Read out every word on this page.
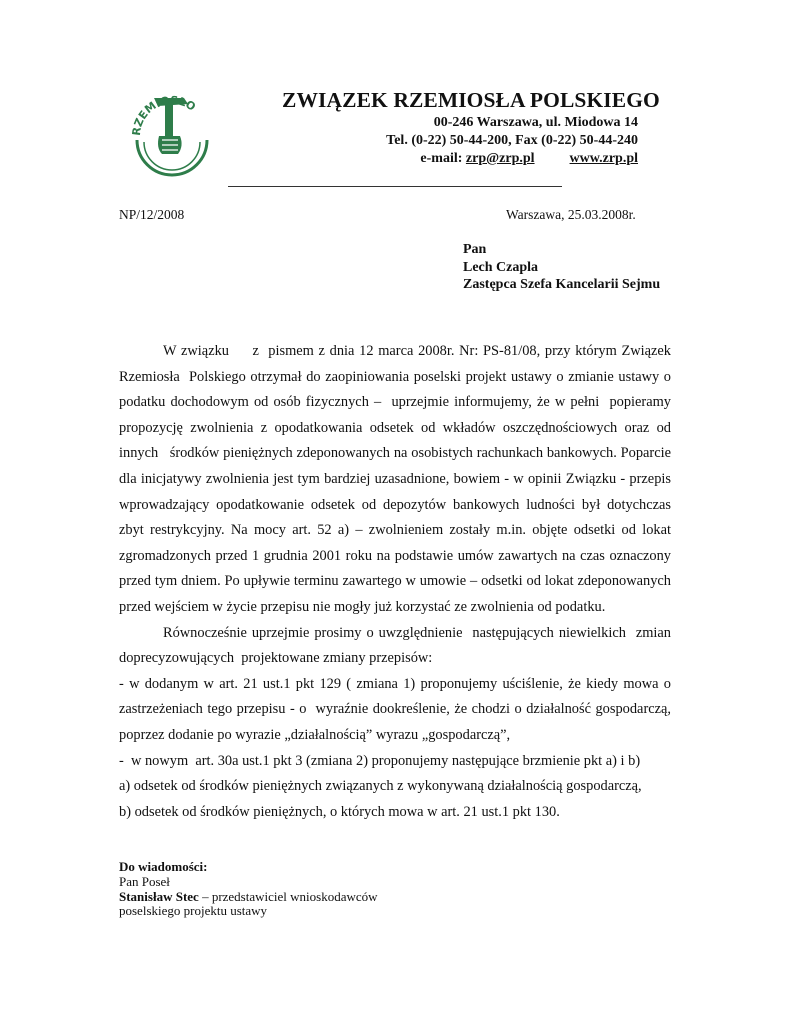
ZEMIOSŁO	ZWIĄZEK RZEMIOSŁA POLSKIEGO
00-246 Warszawa, ul. Miodowa 14
Tel. (0-22) 50-44-200, Fax (0-22) 50-44-240
e-mail: zrp@zrp.pl	www.zrp.pl
NP/12/2008	Warszawa, 25.03.2008r.
Pan
Lech Czapla
Zastępca Szefa Kancelarii Sejmu

W związku     z  pismem z dnia 12 marca 2008r. Nr: PS-81/08, przy którym Związek Rzemiosła  Polskiego otrzymał do zaopiniowania poselski projekt ustawy o zmianie ustawy o podatku dochodowym od osób fizycznych –  uprzejmie informujemy, że w pełni  popieramy propozycję zwolnienia z opodatkowania odsetek od wkładów oszczędnościowych oraz od innych   środków pieniężnych zdeponowanych na osobistych rachunkach bankowych. Poparcie dla inicjatywy zwolnienia jest tym bardziej uzasadnione, bowiem - w opinii Związku - przepis wprowadzający opodatkowanie odsetek od depozytów bankowych ludności był dotychczas zbyt restrykcyjny. Na mocy art. 52 a) – zwolnieniem zostały m.in. objęte odsetki od lokat zgromadzonych przed 1 grudnia 2001 roku na podstawie umów zawartych na czas oznaczony przed tym dniem. Po upływie terminu zawartego w umowie – odsetki od lokat zdeponowanych przed wejściem w życie przepisu nie mogły już korzystać ze zwolnienia od podatku.

Równocześnie uprzejmie prosimy o uwzględnienie  następujących niewielkich  zmian doprecyzowujących  projektowane zmiany przepisów:

- w dodanym w art. 21 ust.1 pkt 129 ( zmiana 1) proponujemy uściślenie, że kiedy mowa o zastrzeżeniach tego przepisu - o  wyraźnie dookreślenie, że chodzi o działalność gospodarczą, poprzez dodanie po wyrazie „działalnością” wyrazu „gospodarczą”,

-  w nowym  art. 30a ust.1 pkt 3 (zmiana 2) proponujemy następujące brzmienie pkt a) i b)

a) odsetek od środków pieniężnych związanych z wykonywaną działalnością gospodarczą,

b) odsetek od środków pieniężnych, o których mowa w art. 21 ust.1 pkt 130.

Do wiadomości:
Pan Poseł
Stanisław Stec – przedstawiciel wnioskodawców
poselskiego projektu ustawy
